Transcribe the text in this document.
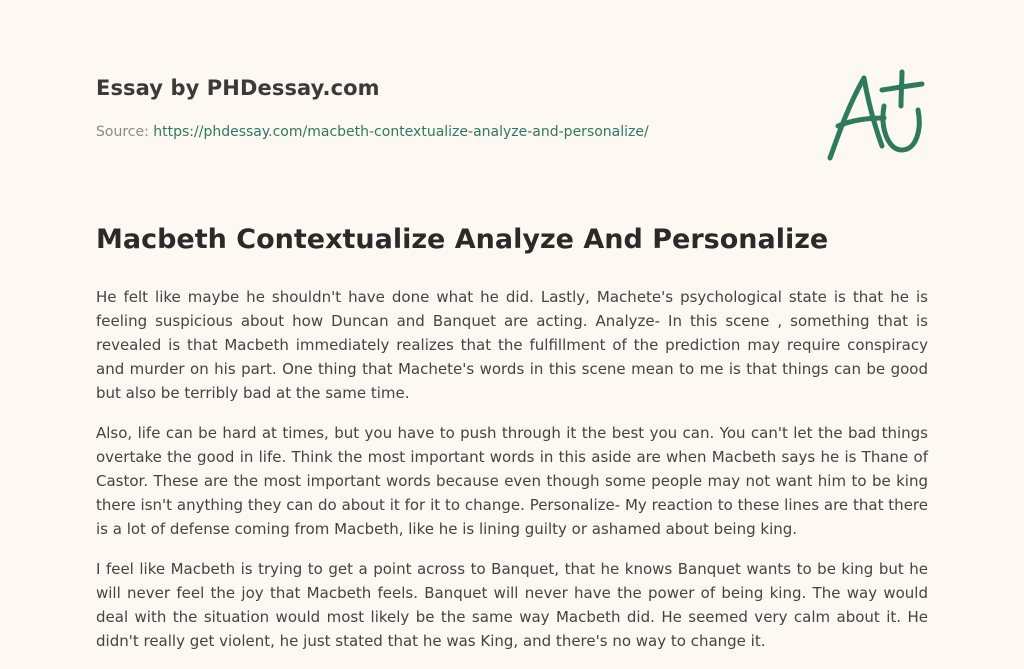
Essay by PHDessay.com
Source: https://phdessay.com/macbeth-contextualize-analyze-and-personalize/
Macbeth Contextualize Analyze And Personalize

He felt like maybe he shouldn't have done what he did. Lastly, Machete's psychological state is that he is feeling suspicious about how Duncan and Banquet are acting. Analyze- In this scene , something that is revealed is that Macbeth immediately realizes that the fulfillment of the prediction may require conspiracy and murder on his part. One thing that Machete's words in this scene mean to me is that things can be good but also be terribly bad at the same time.

Also, life can be hard at times, but you have to push through it the best you can. You can't let the bad things overtake the good in life. Think the most important words in this aside are when Macbeth says he is Thane of Castor. These are the most important words because even though some people may not want him to be king there isn't anything they can do about it for it to change. Personalize- My reaction to these lines are that there is a lot of defense coming from Macbeth, like he is lining guilty or ashamed about being king.

I feel like Macbeth is trying to get a point across to Banquet, that he knows Banquet wants to be king but he will never feel the joy that Macbeth feels. Banquet will never have the power of being king. The way would deal with the situation would most likely be the same way Macbeth did. He seemed very calm about it. He didn't really get violent, he just stated that he was King, and there's no way to change it.
